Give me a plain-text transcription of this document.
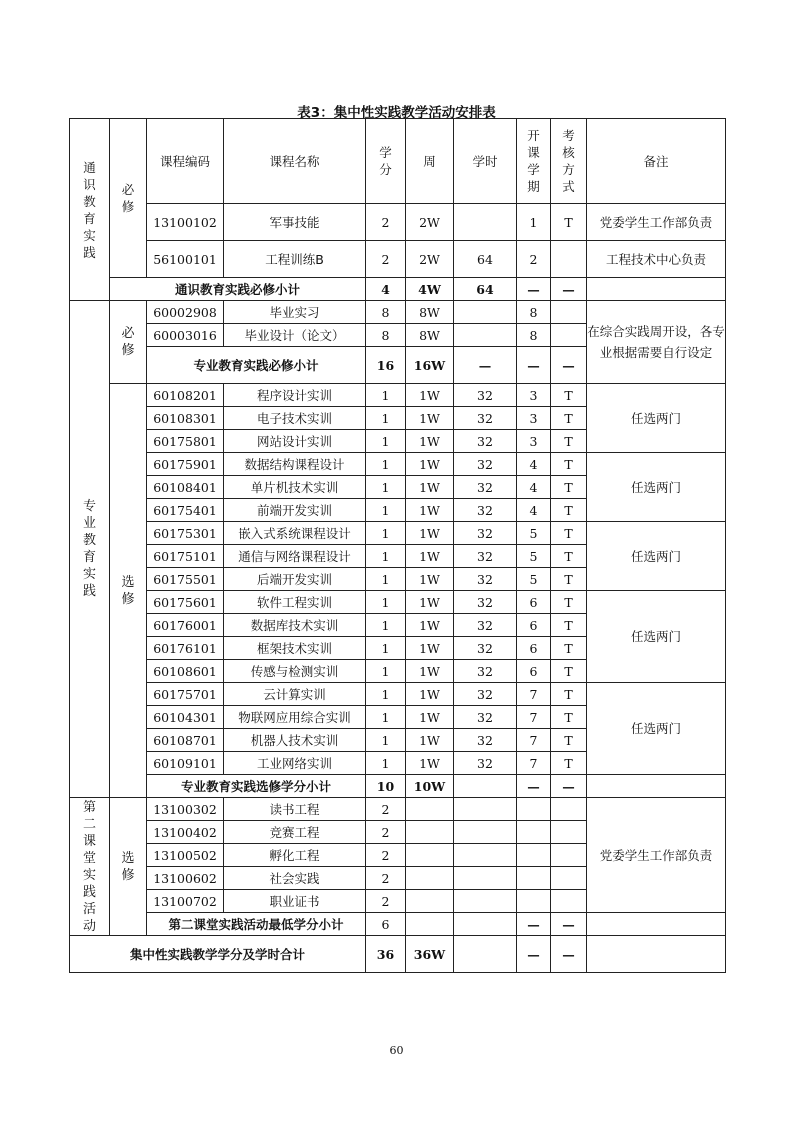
表3：集中性实践教学活动安排表
通识教育实践	必修	课程编码	课程名称	学分	周	学时	开课学期	考核方式	备注
		13100102	军事技能	2	2W		1	T	党委学生工作部负责
		56100101	工程训练B	2	2W	64	2		工程技术中心负责
	通识教育实践必修小计			4	4W	64	—	—	
专业教育实践	必修	60002908	毕业实习	8	8W		8		在综合实践周开设，各专业根据需要自行设定
		60003016	毕业设计（论文）	8	8W		8		
		专业教育实践必修小计		16	16W	—	—	—	
	选修	60108201	程序设计实训	1	1W	32	3	T	任选两门
		60108301	电子技术实训	1	1W	32	3	T	
		60175801	网站设计实训	1	1W	32	3	T	
		60175901	数据结构课程设计	1	1W	32	4	T	任选两门
		60108401	单片机技术实训	1	1W	32	4	T	
		60175401	前端开发实训	1	1W	32	4	T	
		60175301	嵌入式系统课程设计	1	1W	32	5	T	任选两门
		60175101	通信与网络课程设计	1	1W	32	5	T	
		60175501	后端开发实训	1	1W	32	5	T	
		60175601	软件工程实训	1	1W	32	6	T	任选两门
		60176001	数据库技术实训	1	1W	32	6	T	
		60176101	框架技术实训	1	1W	32	6	T	
		60108601	传感与检测实训	1	1W	32	6	T	
		60175701	云计算实训	1	1W	32	7	T	任选两门
		60104301	物联网应用综合实训	1	1W	32	7	T	
		60108701	机器人技术实训	1	1W	32	7	T	
		60109101	工业网络实训	1	1W	32	7	T	
		专业教育实践选修学分小计		10	10W		—	—	
第二课堂实践活动	选修	13100302	读书工程	2					党委学生工作部负责
		13100402	竞赛工程	2					
		13100502	孵化工程	2					
		13100602	社会实践	2					
		13100702	职业证书	2					
		第二课堂实践活动最低学分小计		6			—	—	
集中性实践教学学分及学时合计				36	36W		—	—	
60
